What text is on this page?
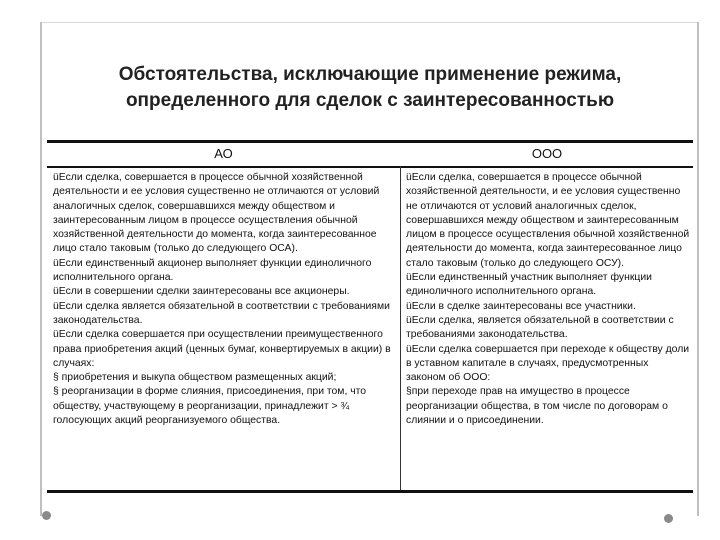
Обстоятельства, исключающие применение режима,
определенного для сделок с заинтересованностью
АО	ООО

üЕсли сделка, совершается в процессе обычной хозяйственной деятельности и ее условия существенно не отличаются от условий аналогичных сделок, совершавшихся между обществом и заинтересованным лицом в процессе осуществления обычной хозяйственной деятельности до момента, когда заинтересованное лицо стало таковым (только до следующего ОСА).

üЕсли единственный акционер выполняет функции единоличного исполнительного органа.

üЕсли в совершении сделки заинтересованы все акционеры.

üЕсли сделка является обязательной в соответствии с требованиями законодательства.

üЕсли сделка совершается при осуществлении преимущественного права приобретения акций (ценных бумаг, конвертируемых в акции) в случаях:

§ приобретения и выкупа обществом размещенных акций;

§ реорганизации в форме слияния, присоединения, при том, что обществу, участвующему в реорганизации, принадлежит > ¾ голосующих акций реорганизуемого общества.

üЕсли сделка, совершается в процессе обычной хозяйственной деятельности, и ее условия существенно не отличаются от условий аналогичных сделок, совершавшихся между обществом и заинтересованным лицом в процессе осуществления обычной хозяйственной деятельности до момента, когда заинтересованное лицо стало таковым (только до следующего ОСУ).

üЕсли единственный участник выполняет функции единоличного исполнительного органа.

üЕсли в сделке заинтересованы все участники.

üЕсли сделка, является обязательной в соответствии с требованиями законодательства.

üЕсли сделка совершается при переходе к обществу доли в уставном капитале в случаях, предусмотренных законом об ООО:

§при переходе прав на имущество в процессе реорганизации общества, в том числе по договорам о слиянии и о присоединении.
